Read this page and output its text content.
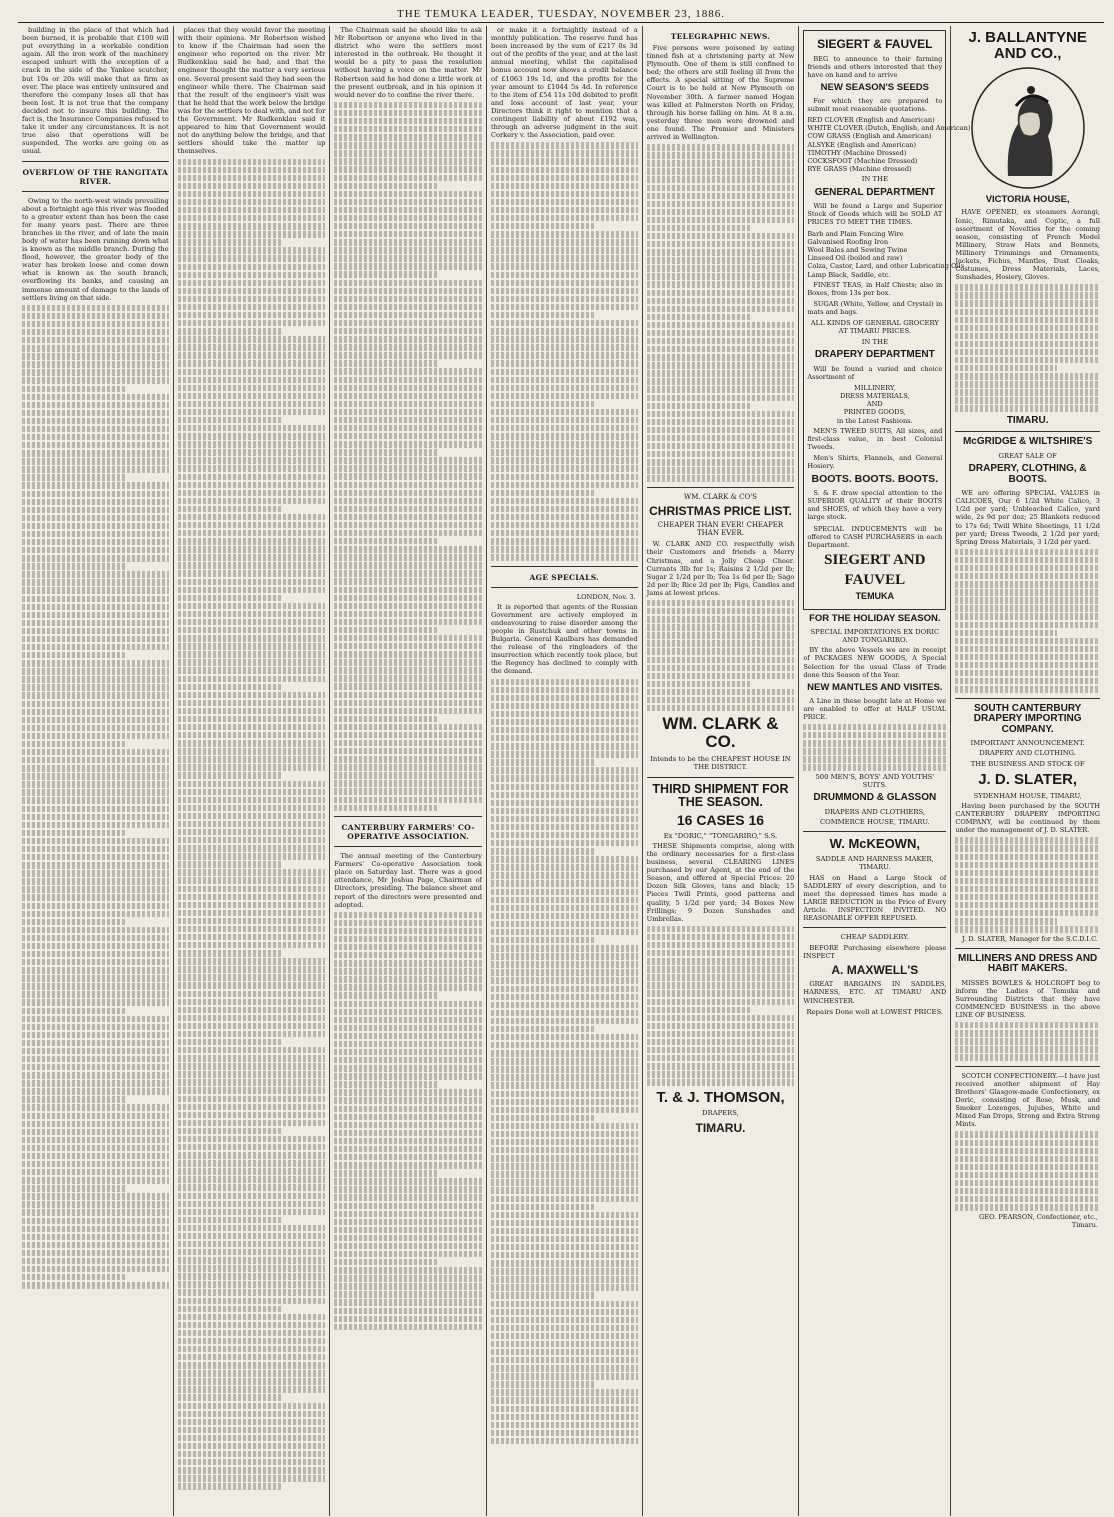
THE TEMUKA LEADER, TUESDAY, NOVEMBER 23, 1886.

building in the place of that which had been burned, it is probable that £100 will put everything in a workable condition again. All the iron work of the machinery escaped unhurt with the exception of a crack in the side of the Yankee scutcher, but 10s or 20s will make that as firm as ever. The place was entirely uninsured and therefore the company loses all that has been lost. It is not true that the company decided not to insure this building. The fact is, the Insurance Companies refused to take it under any circumstances. It is not true also that operations will be suspended. The works are going on as usual.

OVERFLOW OF THE RANGITATA RIVER.

Owing to the north-west winds prevailing about a fortnight ago this river was flooded to a greater extent than has been the case for many years past. There are three branches in the river, and of late the main body of water has been running down what is known as the middle branch. During the flood, however, the greater body of the water has broken loose and come down what is known as the south branch, overflowing its banks, and causing an immense amount of damage to the lands of settlers living on that side.

places that they would favor the meeting with their opinions. Mr Robertson wished to know if the Chairman had seen the engineer who reported on the river. Mr Rudkenklau said he had, and that the engineer thought the matter a very serious one. Several present said they had seen the engineer while there. The Chairman said that the result of the engineer's visit was that he held that the work below the bridge was for the settlers to deal with, and not for the Government. Mr Rudkenklau said it appeared to him that Government would not do anything below the bridge, and that settlers should take the matter up themselves.

The Chairman said he should like to ask Mr Robertson or anyone who lived in the district who were the settlers most interested in the outbreak. He thought it would be a pity to pass the resolution without having a voice on the matter. Mr Robertson said he had done a little work at the present outbreak, and in his opinion it would never do to confine the river there.

CANTERBURY FARMERS' CO-OPERATIVE ASSOCIATION.

The annual meeting of the Canterbury Farmers' Co-operative Association took place on Saturday last. There was a good attendance, Mr Joshua Page, Chairman of Directors, presiding. The balance sheet and report of the directors were presented and adopted.

or make it a fortnightly instead of a monthly publication. The reserve fund has been increased by the sum of £217 0s 3d out of the profits of the year, and at the last annual meeting, whilst the capitalised bonus account now shows a credit balance of £1063 19s 1d, and the profits for the year amount to £1044 5s 4d. In reference to the item of £54 11s 10d debited to profit and loss account of last year, your Directors think it right to mention that a contingent liability of about £192 was, through an adverse judgment in the suit Corkery v. the Association, paid over.

AGE SPECIALS.
LONDON, Nov. 3.

It is reported that agents of the Russian Government are actively employed in endeavouring to raise disorder among the people in Rustchuk and other towns in Bulgaria. General Kaulbars has demanded the release of the ringleaders of the insurrection which recently took place, but the Regency has declined to comply with the demand.

TELEGRAPHIC NEWS.

Five persons were poisoned by eating tinned fish at a christening party at New Plymouth. One of them is still confined to bed; the others are still feeling ill from the effects. A special sitting of the Supreme Court is to be held at New Plymouth on November 30th. A farmer named Hogan was killed at Palmerston North on Friday, through his horse falling on him. At 8 a.m. yesterday three men were drowned and one found. The Premier and Ministers arrived in Wellington.

WM. CLARK & CO'S
CHRISTMAS PRICE LIST.
CHEAPER THAN EVER! CHEAPER THAN EVER.

W. CLARK AND CO. respectfully wish their Customers and friends a Merry Christmas, and a Jolly Cheap Cheer. Currants 3lb for 1s; Raisins 2 1/2d per lb; Sugar 2 1/2d per lb; Tea 1s 6d per lb; Sago 2d per lb; Rice 2d per lb; Figs, Candles and Jams at lowest prices.

WM. CLARK & CO.
Intends to be the CHEAPEST HOUSE IN THE DISTRICT.
THIRD SHIPMENT FOR THE SEASON.
16 CASES 16
Ex "DORIC," "TONGARIRO," S.S.

THESE Shipments comprise, along with the ordinary necessaries for a first-class business, several CLEARING LINES purchased by our Agent, at the end of the Season, and offered at Special Prices: 20 Dozen Silk Gloves, tans and black; 15 Pieces Twill Prints, good patterns and quality, 5 1/2d per yard; 34 Boxes New Frillings; 9 Dozen Sunshades and Umbrellas.

T. & J. THOMSON,
DRAPERS,
TIMARU.
SIEGERT & FAUVEL

BEG to announce to their farming friends and others interested that they have on hand and to arrive

NEW SEASON'S SEEDS

For which they are prepared to submit most reasonable quotations.

RED CLOVER (English and American)
WHITE CLOVER (Dutch, English, and American)
COW GRASS (English and American)
ALSYKE (English and American)
TIMOTHY (Machine Dressed)
COCKSFOOT (Machine Dressed)
RYE GRASS (Machine dressed)
IN THE
GENERAL DEPARTMENT

Will be found a Large and Superior Stock of Goods which will be SOLD AT PRICES TO MEET THE TIMES.

Barb and Plain Fencing Wire
Galvanised Roofing Iron
Wool Bales and Sewing Twine
Linseed Oil (boiled and raw)
Colza, Castor, Lard, and other Lubricating Oils
Lamp Black, Saddle, etc.

FINEST TEAS, in Half Chests; also in Boxes, from 13s per box.

SUGAR (White, Yellow, and Crystal) in mats and bags.

ALL KINDS OF GENERAL GROCERY AT TIMARU PRICES.
IN THE
DRAPERY DEPARTMENT

Will be found a varied and choice Assortment of

MILLINERY,
DRESS MATERIALS,
AND
PRINTED GOODS,
in the Latest Fashions.

MEN'S TWEED SUITS, All sizes, and first-class value, in best Colonial Tweeds.

Men's Shirts, Flannels, and General Hosiery.

BOOTS. BOOTS. BOOTS.

S. & F. draw special attention to the SUPERIOR QUALITY of their BOOTS and SHOES, of which they have a very large stock.

SPECIAL INDUCEMENTS will be offered to CASH PURCHASERS in each Department.

SIEGERT AND
FAUVEL
TEMUKA
FOR THE HOLIDAY SEASON.
SPECIAL IMPORTATIONS EX DORIC AND TONGARIRO.

BY the above Vessels we are in receipt of PACKAGES NEW GOODS, A Special Selection for the usual Class of Trade done this Season of the Year.

NEW MANTLES AND VISITES.

A Line in these bought late at Home we are enabled to offer at HALF USUAL PRICE.

500 MEN'S, BOYS' AND YOUTHS' SUITS.
DRUMMOND & GLASSON
DRAPERS AND CLOTHIERS,
COMMERCE HOUSE, TIMARU.
W. McKEOWN,
SADDLE AND HARNESS MAKER, TIMARU.

HAS on Hand a Large Stock of SADDLERY of every description, and to meet the depressed times has made a LARGE REDUCTION in the Price of Every Article. INSPECTION INVITED. NO REASONABLE OFFER REFUSED.

CHEAP SADDLERY.

BEFORE Purchasing elsewhere please INSPECT

A. MAXWELL'S

GREAT BARGAINS IN SADDLES, HARNESS, ETC. AT TIMARU AND WINCHESTER.

Repairs Done well at LOWEST PRICES.
J. BALLANTYNE AND CO.,
VICTORIA HOUSE,

HAVE OPENED, ex steamers Aorangi, Ionic, Rimutaka, and Coptic, a full assortment of Novelties for the coming season, consisting of French Model Millinery, Straw Hats and Bonnets, Millinery Trimmings and Ornaments, Jackets, Fichus, Mantles, Dust Cloaks, Costumes, Dress Materials, Laces, Sunshades, Hosiery, Gloves.

TIMARU.
McGRIDGE & WILTSHIRE'S
GREAT SALE OF
DRAPERY, CLOTHING, & BOOTS.

WE are offering SPECIAL VALUES in CALICOES, Our 6 1/2d White Calico, 3 1/2d per yard; Unbleached Calico, yard wide, 2s 9d per doz; 25 Blankets reduced to 17s 6d; Twill White Sheetings, 11 1/2d per yard; Dress Tweeds, 2 1/2d per yard; Spring Dress Materials, 3 1/2d per yard.

SOUTH CANTERBURY DRAPERY IMPORTING COMPANY.
IMPORTANT ANNOUNCEMENT.
DRAPERY AND CLOTHING.
THE BUSINESS AND STOCK OF
J. D. SLATER,
SYDENHAM HOUSE, TIMARU,

Having been purchased by the SOUTH CANTERBURY DRAPERY IMPORTING COMPANY, will be continued by them under the management of J. D. SLATER.

J. D. SLATER, Manager for the S.C.D.I.C.
MILLINERS AND DRESS AND HABIT MAKERS.

MISSES BOWLES & HOLCROFT beg to inform the Ladies of Temuka and Surrounding Districts that they have COMMENCED BUSINESS in the above LINE OF BUSINESS.

SCOTCH CONFECTIONERY.—I have just received another shipment of Hay Brothers' Glasgow-made Confectionery, ex Doric, consisting of Rose, Musk, and Smoker Lozenges, Jujubes, White and Mixed Fan Drops, Strong and Extra Strong Mints.

GEO. PEARSON, Confectioner, etc., Timaru.
